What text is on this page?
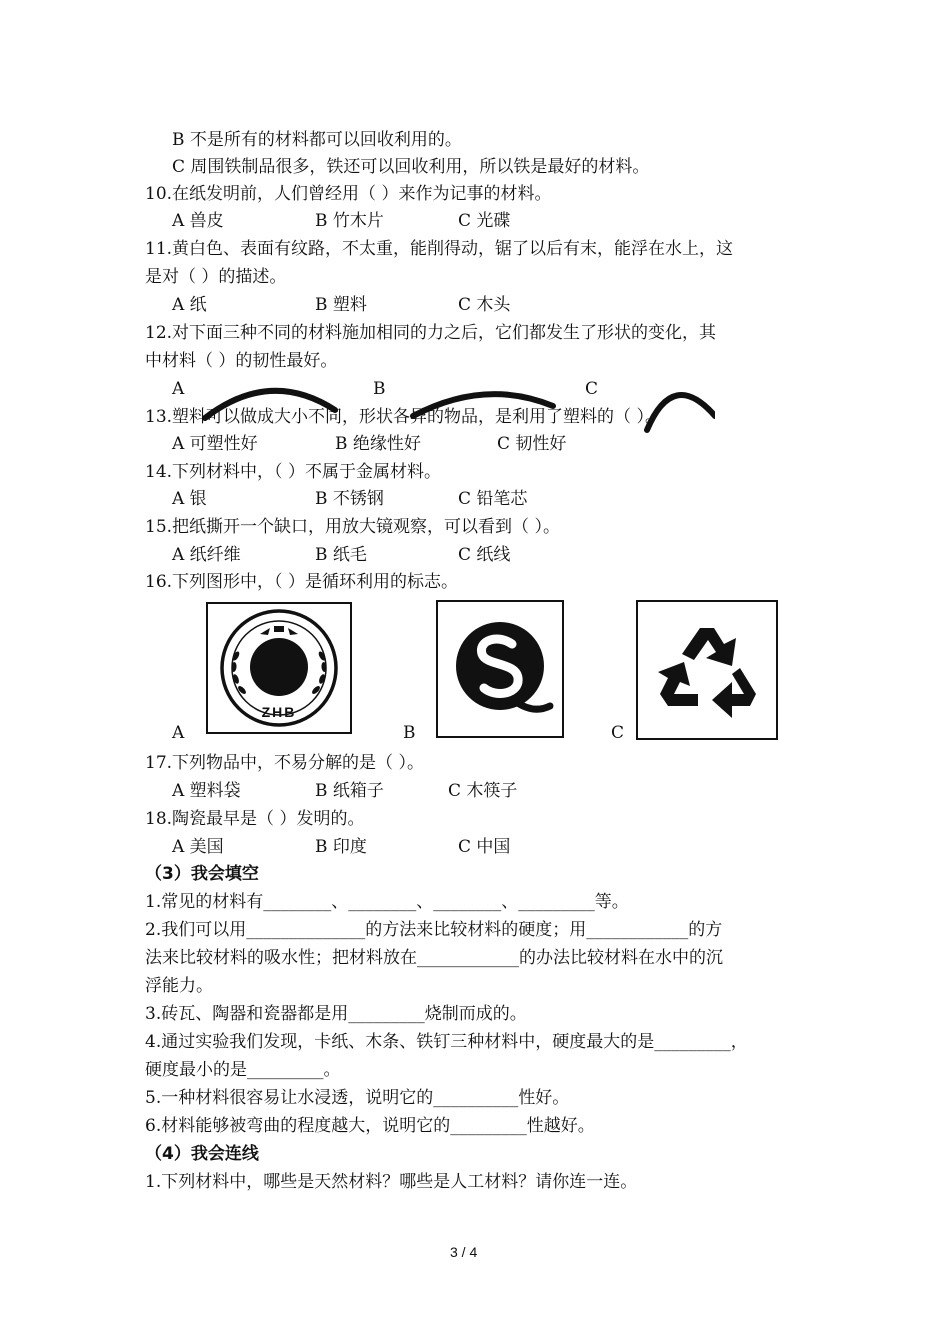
B 不是所有的材料都可以回收利用的。
C 周围铁制品很多，铁还可以回收利用，所以铁是最好的材料。
10.在纸发明前，人们曾经用（ ）来作为记事的材料。
A 兽皮	B 竹木片	C 光碟
11.黄白色、表面有纹路，不太重，能削得动，锯了以后有末，能浮在水上，这
是对（ ）的描述。
A 纸	B 塑料	C 木头
12.对下面三种不同的材料施加相同的力之后，它们都发生了形状的变化，其
中材料（ ）的韧性最好。
A	B	C
13.塑料可以做成大小不同，形状各异的物品，是利用了塑料的（ ）。
A 可塑性好	B 绝缘性好	C 韧性好
14.下列材料中，（ ）不属于金属材料。
A 银	B 不锈钢	C 铅笔芯
15.把纸撕开一个缺口，用放大镜观察，可以看到（ ）。
A 纸纤维	B 纸毛	C 纸线
16.下列图形中，（ ）是循环利用的标志。
ZHB
A	B	C
17.下列物品中，不易分解的是（ ）。
A 塑料袋	B 纸箱子	C 木筷子
18.陶瓷最早是（ ）发明的。
A 美国	B 印度	C 中国
（3）我会填空
1.常见的材料有________、________、________、_________等。
2.我们可以用______________的方法来比较材料的硬度；用____________的方
法来比较材料的吸水性；把材料放在____________的办法比较材料在水中的沉
浮能力。
3.砖瓦、陶器和瓷器都是用_________烧制而成的。
4.通过实验我们发现，卡纸、木条、铁钉三种材料中，硬度最大的是_________，
硬度最小的是_________。
5.一种材料很容易让水浸透，说明它的__________性好。
6.材料能够被弯曲的程度越大，说明它的_________性越好。
（4）我会连线
1.下列材料中，哪些是天然材料？哪些是人工材料？请你连一连。
3 / 4
